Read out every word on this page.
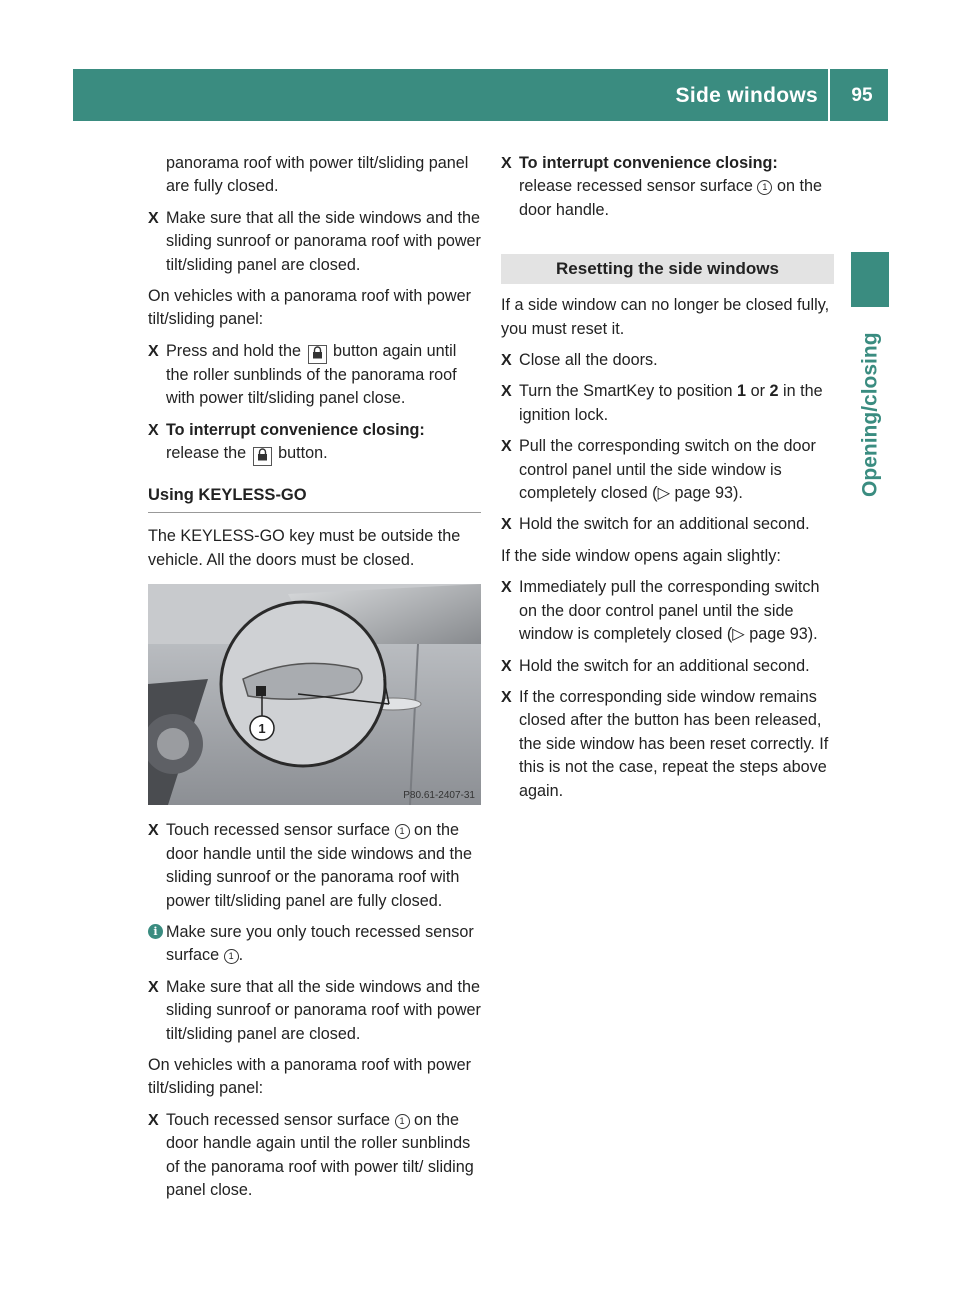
Side windows	95
Opening/closing

panorama roof with power tilt/sliding panel are fully closed.

X Make sure that all the side windows and the sliding sunroof or panorama roof with power tilt/sliding panel are closed.

On vehicles with a panorama roof with power tilt/sliding panel:

X Press and hold the button again until the roller sunblinds of the panorama roof with power tilt/sliding panel close.
X To interrupt convenience closing:
release the button.
Using KEYLESS-GO

The KEYLESS-GO key must be outside the vehicle. All the doors must be closed.

1
P80.61-2407-31
X Touch recessed sensor surface 1 on the door handle until the side windows and the sliding sunroof or the panorama roof with power tilt/sliding panel are fully closed.
i Make sure you only touch recessed sensor surface 1 .
X Make sure that all the side windows and the sliding sunroof or panorama roof with power tilt/sliding panel are closed.

On vehicles with a panorama roof with power tilt/sliding panel:

X Touch recessed sensor surface 1 on the door handle again until the roller sunblinds of the panorama roof with power tilt/ sliding panel close.
X To interrupt convenience closing:
release recessed sensor surface 1 on the door handle.
Resetting the side windows

If a side window can no longer be closed fully, you must reset it.

X Close all the doors.
X Turn the SmartKey to position 1 or 2 in the ignition lock.
X Pull the corresponding switch on the door control panel until the side window is completely closed (▷ page 93).
X Hold the switch for an additional second.

If the side window opens again slightly:

X Immediately pull the corresponding switch on the door control panel until the side window is completely closed (▷ page 93).
X Hold the switch for an additional second.
X If the corresponding side window remains closed after the button has been released, the side window has been reset correctly. If this is not the case, repeat the steps above again.
